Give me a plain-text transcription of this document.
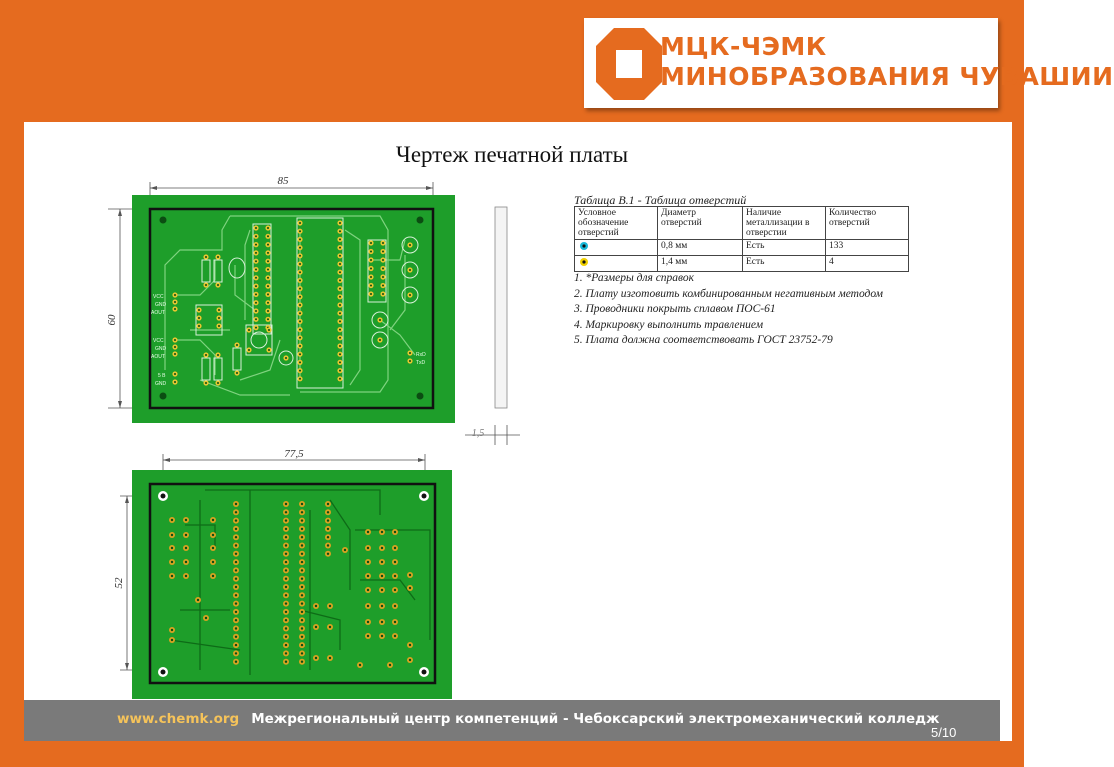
МЦК-ЧЭМК
МИНОБРАЗОВАНИЯ ЧУВАШИИ
Чертеж печатной платы
85
60
1,5
VCC
GND
AOUT
VCC
GND
AOUT
5 В
GND
RxD
TxD
77,5
52
Таблица В.1 - Таблица отверстий
Условное обозначение отверстий	Диаметр отверстий	Наличие металлизации в отверстии	Количество отверстий
	0,8 мм	Есть	133
	1,4 мм	Есть	4
1. *Размеры для справок
2. Плату изготовить комбинированным негативным методом
3. Проводники покрыть сплавом ПОС-61
4. Маркировку выполнить травлением
5. Плата должна соответствовать ГОСТ 23752-79
www.chemk.org Межрегиональный центр компетенций - Чебоксарский электромеханический колледж
5/10
